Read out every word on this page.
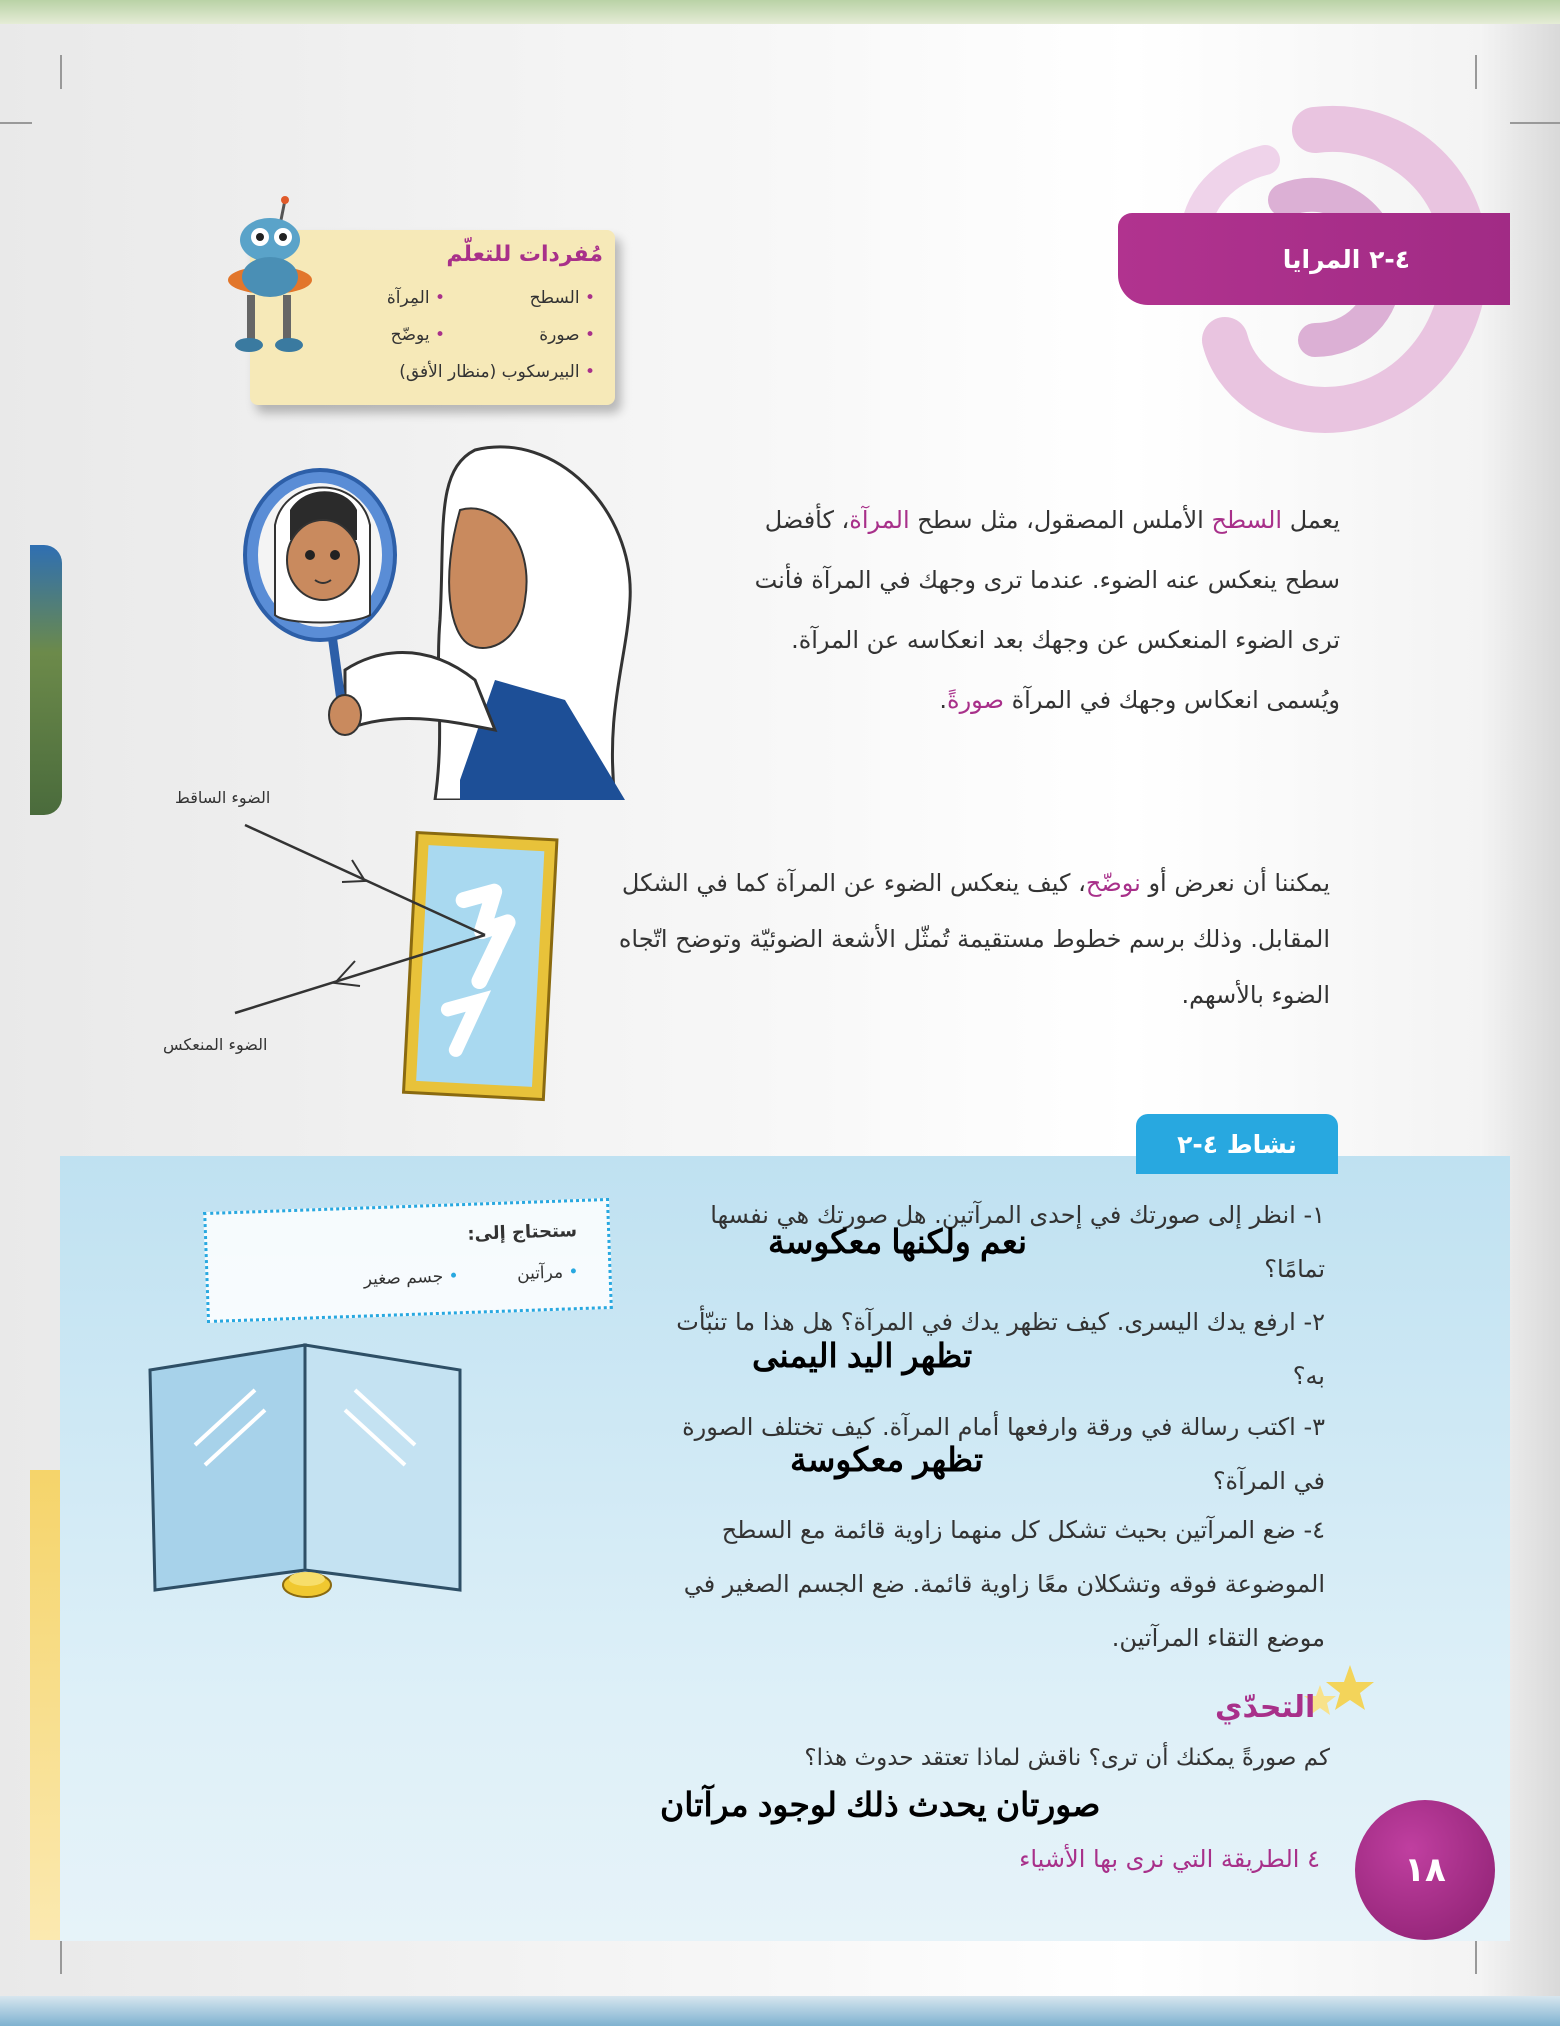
٤-٢ المرايا
مُفردات للتعلّم
• السطح
• المِرآة
• صورة
• يوضّح
• البيرسكوب (منظار الأفق)
يعمل السطح الأملس المصقول، مثل سطح المرآة، كأفضل سطح ينعكس عنه الضوء. عندما ترى وجهك في المرآة فأنت ترى الضوء المنعكس عن وجهك بعد انعكاسه عن المرآة. ويُسمى انعكاس وجهك في المرآة صورةً.
الضوء الساقط
الضوء المنعكس
يمكننا أن نعرض أو نوضّح، كيف ينعكس الضوء عن المرآة كما في الشكل المقابل. وذلك برسم خطوط مستقيمة تُمثّل الأشعة الضوئيّة وتوضح اتّجاه الضوء بالأسهم.
نشاط ٤-٢
ستحتاج إلى:
• مرآتين
• جسم صغير
١- انظر إلى صورتك في إحدى المرآتين. هل صورتك هي نفسها تمامًا؟
نعم ولكنها معكوسة
٢- ارفع يدك اليسرى. كيف تظهر يدك في المرآة؟ هل هذا ما تنبّأت به؟
تظهر اليد اليمنى
٣- اكتب رسالة في ورقة وارفعها أمام المرآة. كيف تختلف الصورة في المرآة؟
تظهر معكوسة
٤- ضع المرآتين بحيث تشكل كل منهما زاوية قائمة مع السطح الموضوعة فوقه وتشكلان معًا زاوية قائمة. ضع الجسم الصغير في موضع التقاء المرآتين.
التحدّي
كم صورةً يمكنك أن ترى؟ ناقش لماذا تعتقد حدوث هذا؟
صورتان يحدث ذلك لوجود مرآتان
٤ الطريقة التي نرى بها الأشياء ١٨
